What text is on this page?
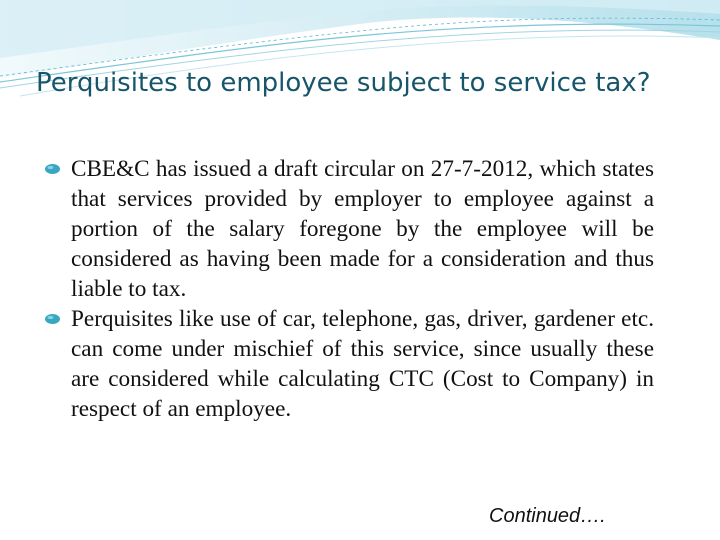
Perquisites to employee subject to service tax?
CBE&C has issued a draft circular on 27-7-2012, which states that services provided by employer to employee against a portion of the salary foregone by the employee will be considered as having been made for a consideration and thus liable to tax.
Perquisites like use of car, telephone, gas, driver, gardener etc. can come under mischief of this service, since usually these are considered while calculating CTC (Cost to Company) in respect of an employee.
Continued….
